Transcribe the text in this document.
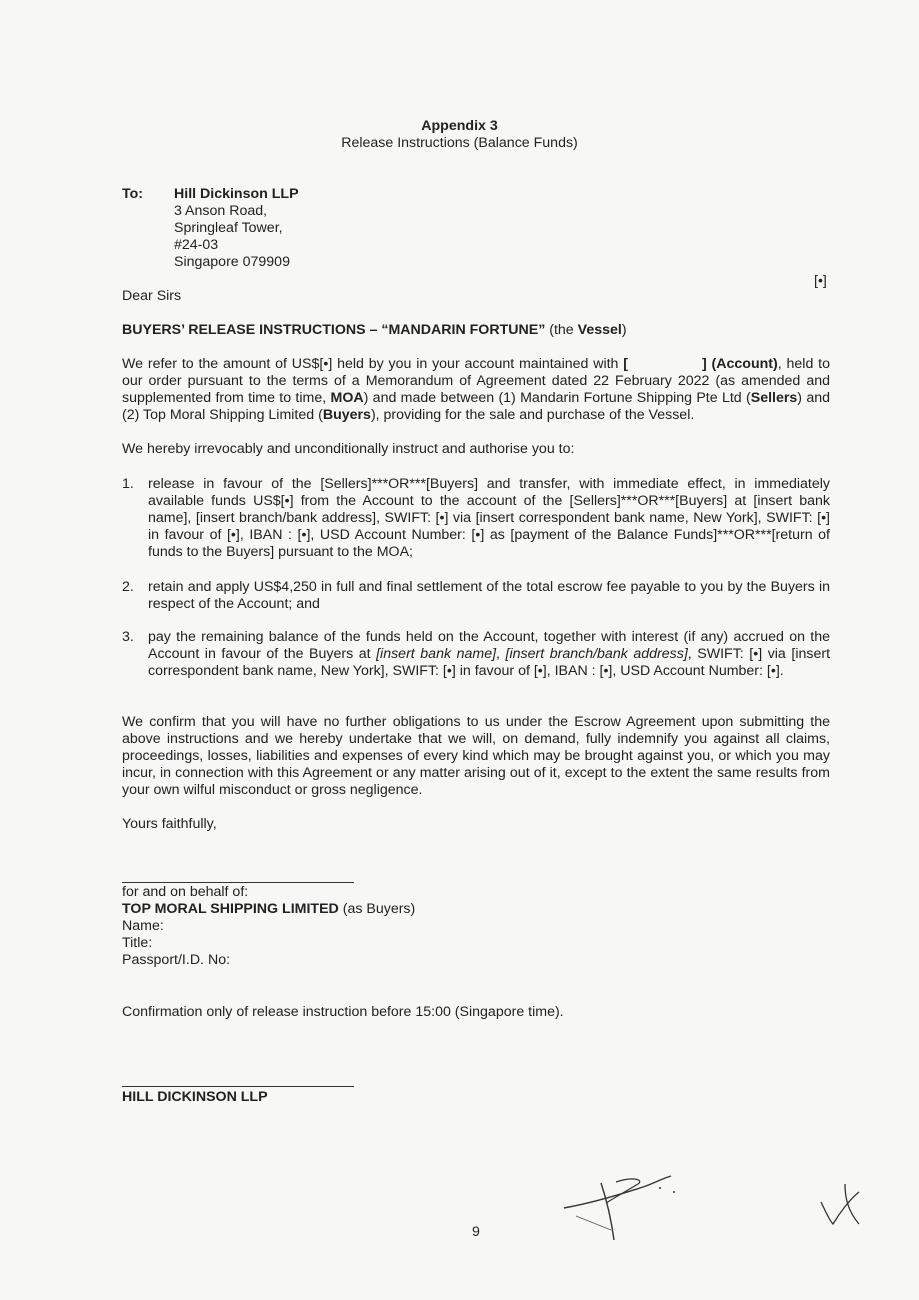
Appendix 3
Release Instructions (Balance Funds)
To: Hill Dickinson LLP
3 Anson Road,
Springleaf Tower,
#24-03
Singapore 079909
[•]
Dear Sirs
BUYERS’ RELEASE INSTRUCTIONS – “MANDARIN FORTUNE” (the Vessel)
We refer to the amount of US$[•] held by you in your account maintained with [	] (Account), held to our order pursuant to the terms of a Memorandum of Agreement dated 22 February 2022 (as amended and supplemented from time to time, MOA) and made between (1) Mandarin Fortune Shipping Pte Ltd (Sellers) and (2) Top Moral Shipping Limited (Buyers), providing for the sale and purchase of the Vessel.
We hereby irrevocably and unconditionally instruct and authorise you to:
1. release in favour of the [Sellers]***OR***[Buyers] and transfer, with immediate effect, in immediately available funds US$[•] from the Account to the account of the [Sellers]***OR***[Buyers] at [insert bank name], [insert branch/bank address], SWIFT: [•] via [insert correspondent bank name, New York], SWIFT: [•] in favour of [•], IBAN : [•], USD Account Number: [•] as [payment of the Balance Funds]***OR***[return of funds to the Buyers] pursuant to the MOA;
2. retain and apply US$4,250 in full and final settlement of the total escrow fee payable to you by the Buyers in respect of the Account; and
3. pay the remaining balance of the funds held on the Account, together with interest (if any) accrued on the Account in favour of the Buyers at [insert bank name], [insert branch/bank address], SWIFT: [•] via [insert correspondent bank name, New York], SWIFT: [•] in favour of [•], IBAN : [•], USD Account Number: [•].
We confirm that you will have no further obligations to us under the Escrow Agreement upon submitting the above instructions and we hereby undertake that we will, on demand, fully indemnify you against all claims, proceedings, losses, liabilities and expenses of every kind which may be brought against you, or which you may incur, in connection with this Agreement or any matter arising out of it, except to the extent the same results from your own wilful misconduct or gross negligence.
Yours faithfully,
for and on behalf of:
TOP MORAL SHIPPING LIMITED (as Buyers)
Name:
Title:
Passport/I.D. No:
Confirmation only of release instruction before 15:00 (Singapore time).
HILL DICKINSON LLP
9
